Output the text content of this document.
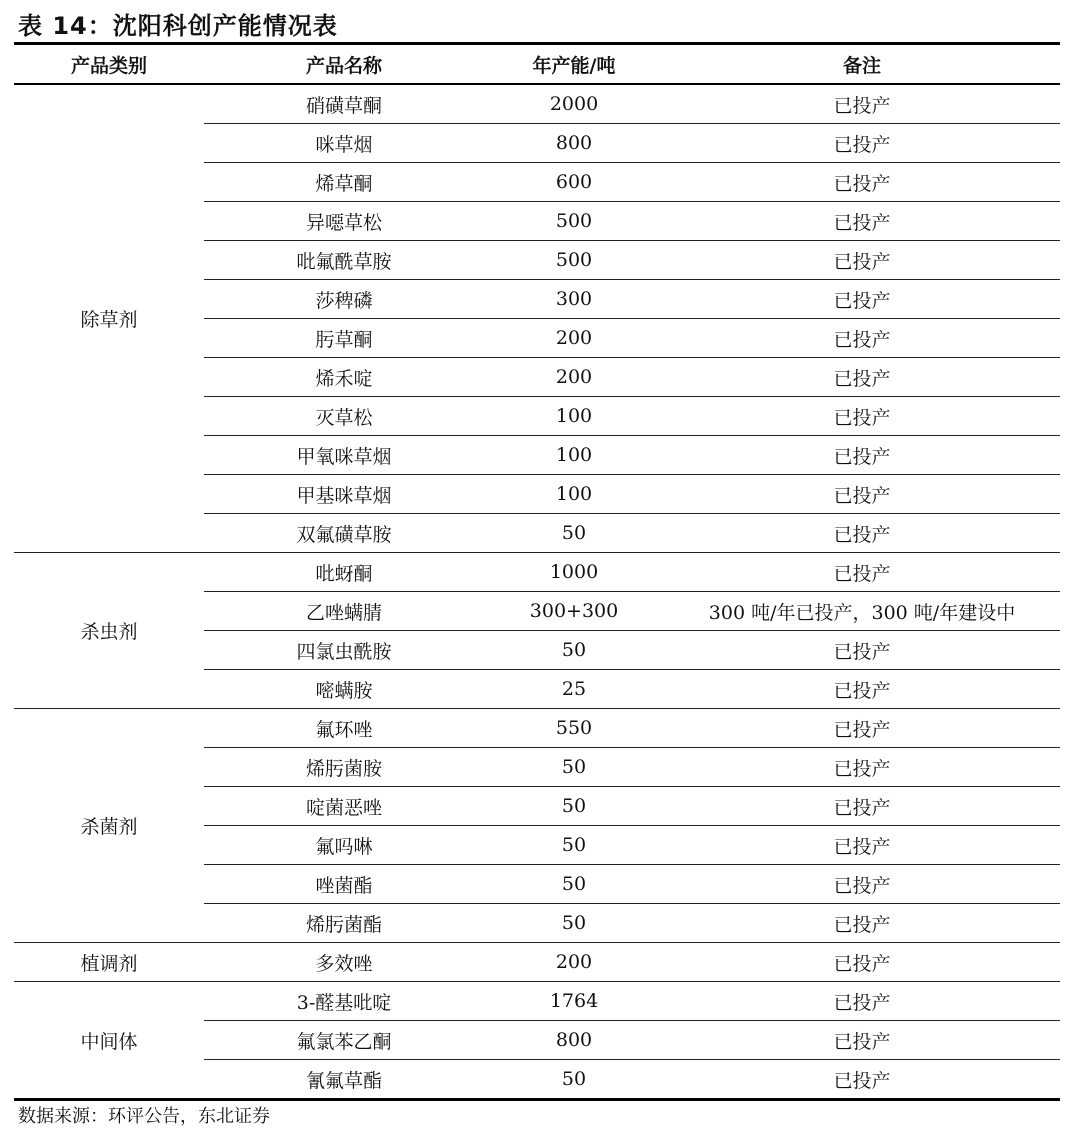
表 14：沈阳科创产能情况表
产品类别	产品名称	年产能/吨	备注
除草剂	硝磺草酮	2000	已投产
	咪草烟	800	已投产
	烯草酮	600	已投产
	异噁草松	500	已投产
	吡氟酰草胺	500	已投产
	莎稗磷	300	已投产
	肟草酮	200	已投产
	烯禾啶	200	已投产
	灭草松	100	已投产
	甲氧咪草烟	100	已投产
	甲基咪草烟	100	已投产
	双氟磺草胺	50	已投产
杀虫剂	吡蚜酮	1000	已投产
	乙唑螨腈	300+300	300 吨/年已投产，300 吨/年建设中
	四氯虫酰胺	50	已投产
	嘧螨胺	25	已投产
杀菌剂	氟环唑	550	已投产
	烯肟菌胺	50	已投产
	啶菌恶唑	50	已投产
	氟吗啉	50	已投产
	唑菌酯	50	已投产
	烯肟菌酯	50	已投产
植调剂	多效唑	200	已投产
中间体	3-醛基吡啶	1764	已投产
	氟氯苯乙酮	800	已投产
	氰氟草酯	50	已投产
数据来源：环评公告，东北证券
